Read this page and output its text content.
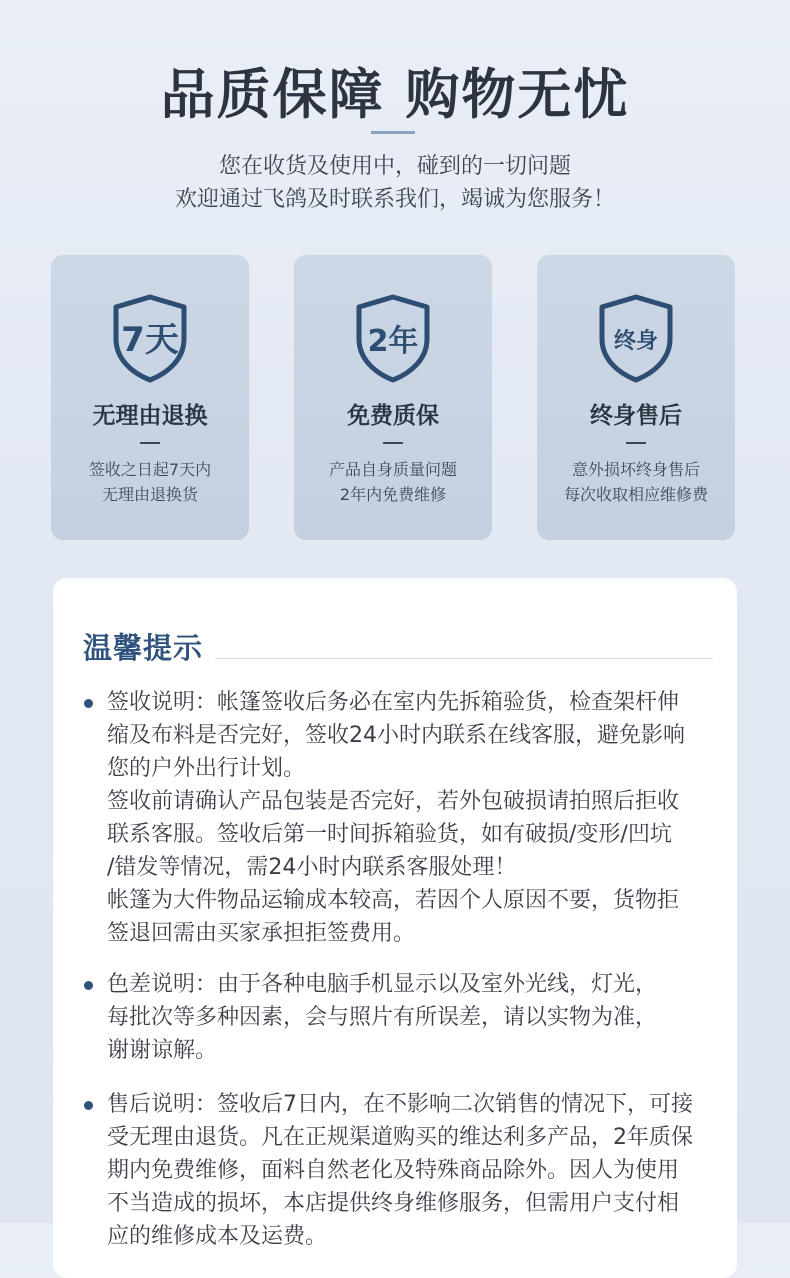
品质保障 购物无忧
您在收货及使用中，碰到的一切问题
欢迎通过飞鸽及时联系我们，竭诚为您服务！
7天
无理由退换
签收之日起7天内
无理由退换货
2年
免费质保
产品自身质量问题
2年内免费维修
终身
终身售后
意外损坏终身售后
每次收取相应维修费
温馨提示

签收说明：帐篷签收后务必在室内先拆箱验货，检查架杆伸

缩及布料是否完好，签收24小时内联系在线客服，避免影响

您的户外出行计划。

签收前请确认产品包装是否完好，若外包破损请拍照后拒收

联系客服。签收后第一时间拆箱验货，如有破损/变形/凹坑

/错发等情况，需24小时内联系客服处理！

帐篷为大件物品运输成本较高，若因个人原因不要，货物拒

签退回需由买家承担拒签费用。

色差说明：由于各种电脑手机显示以及室外光线，灯光，

每批次等多种因素，会与照片有所误差，请以实物为准，

谢谢谅解。

售后说明：签收后7日内，在不影响二次销售的情况下，可接

受无理由退货。凡在正规渠道购买的维达利多产品，2年质保

期内免费维修，面料自然老化及特殊商品除外。因人为使用

不当造成的损坏，本店提供终身维修服务，但需用户支付相

应的维修成本及运费。
